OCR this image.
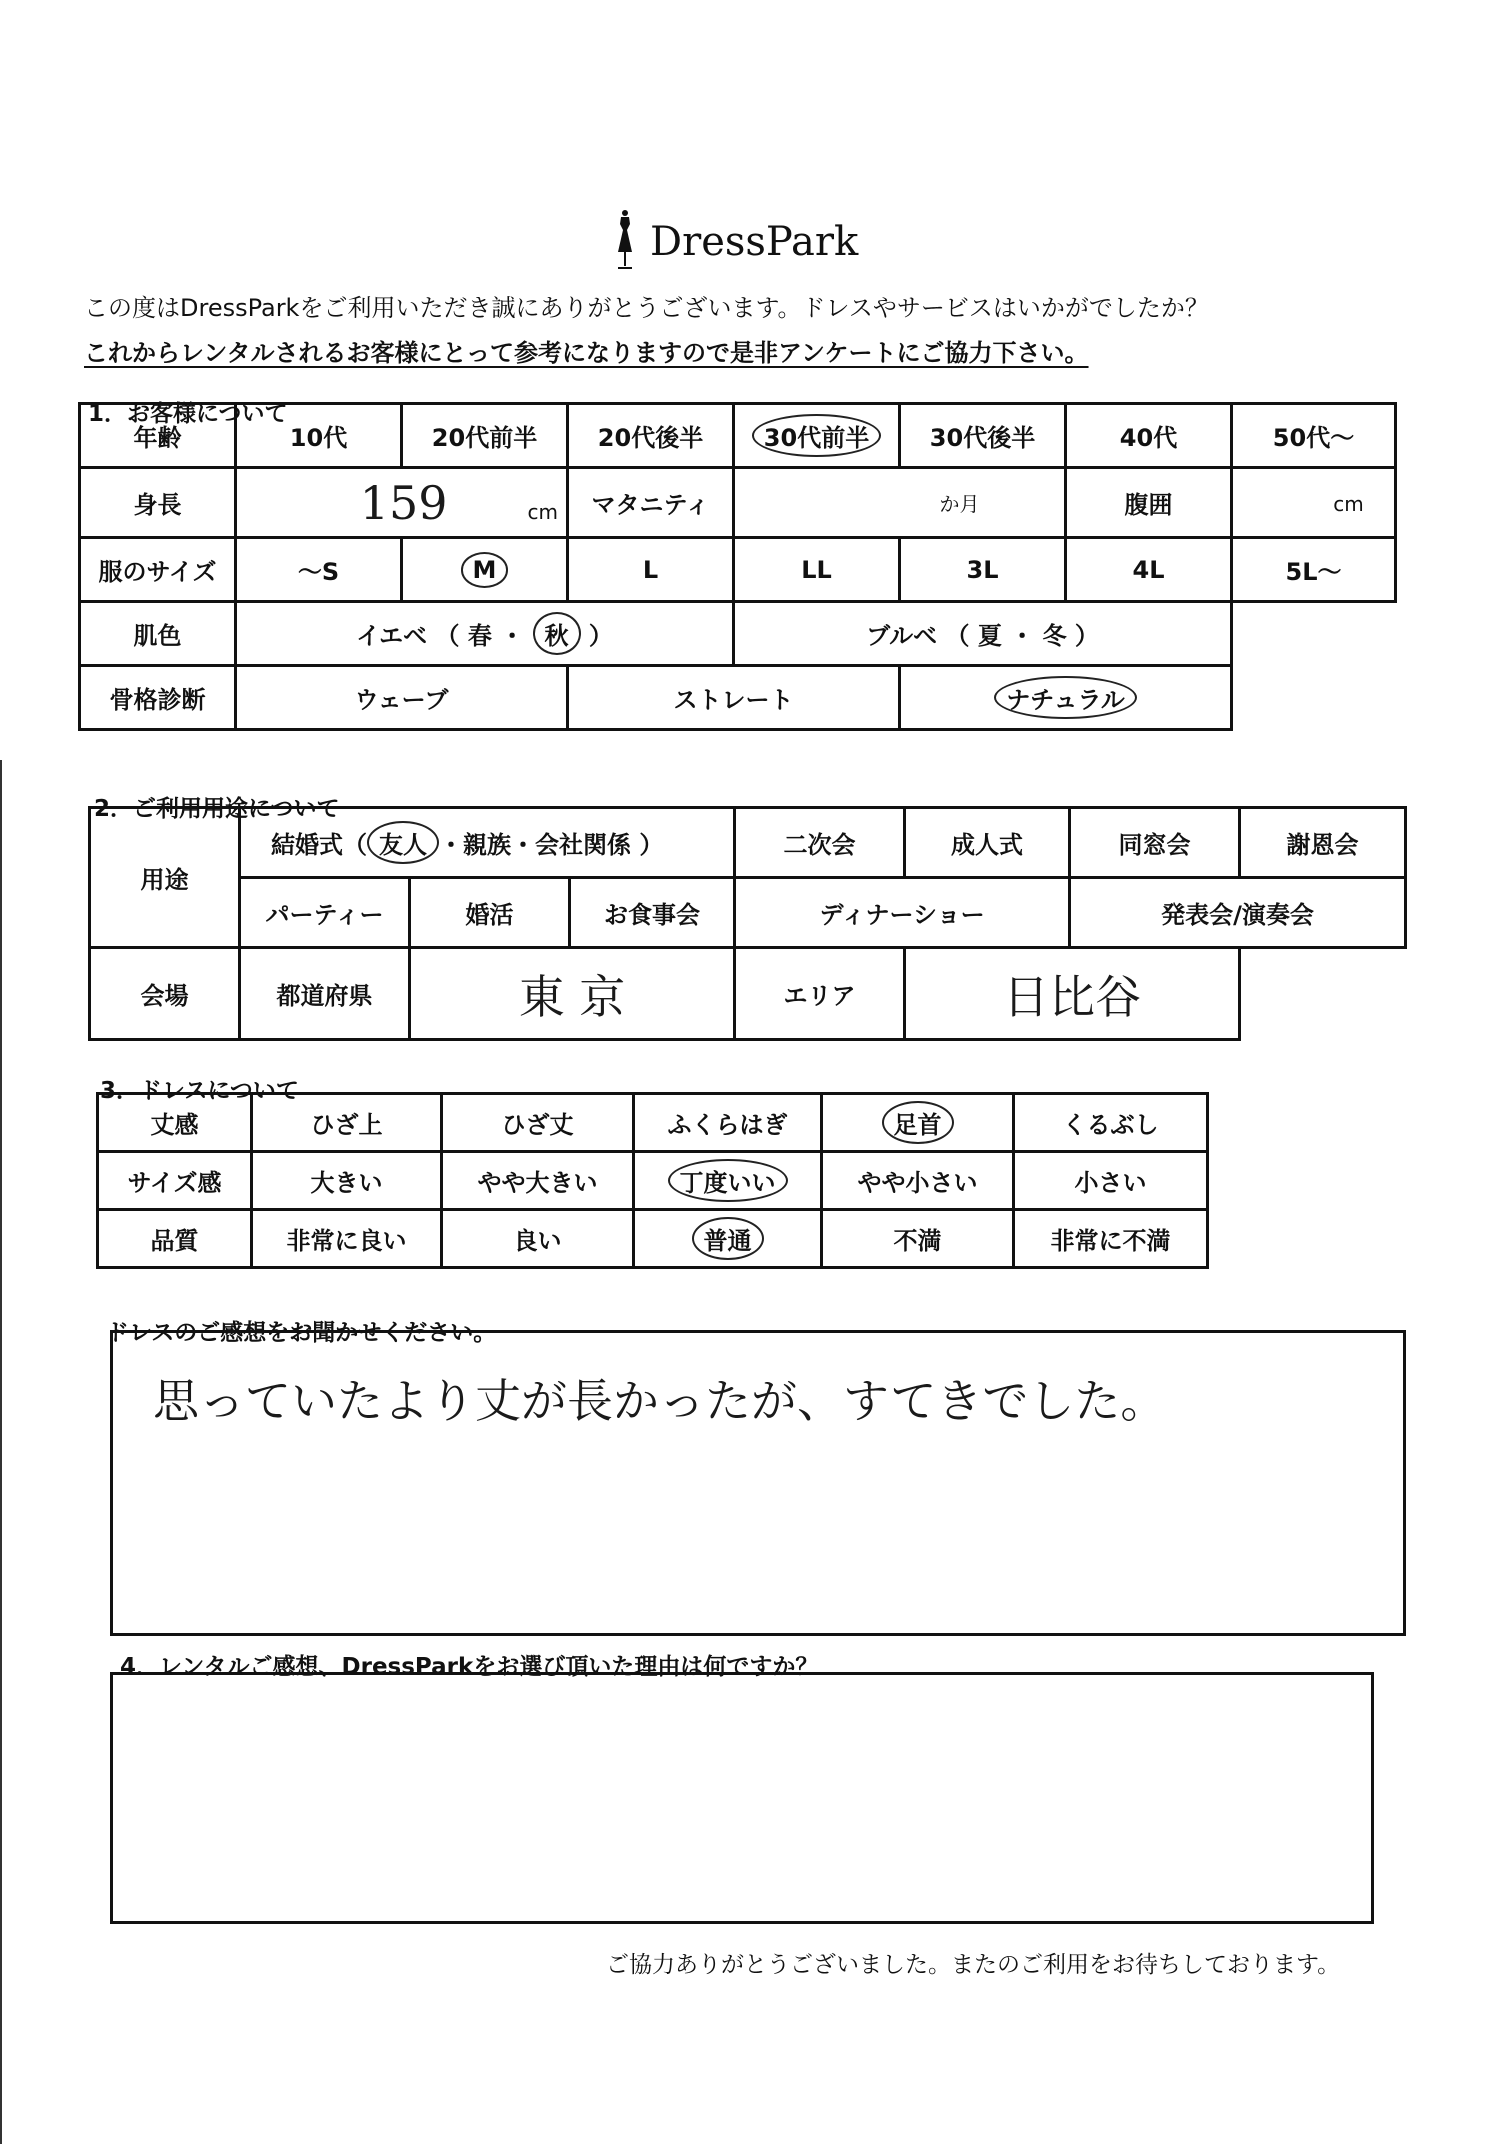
DressPark
この度はDressParkをご利用いただき誠にありがとうございます。ドレスやサービスはいかがでしたか？
これからレンタルされるお客様にとって参考になりますので是非アンケートにご協力下さい。
1．お客様について
年齢	10代	20代前半	20代後半	30代前半	30代後半	40代	50代～
身長	159 cm		マタニティ	か月		腹囲	cm
服のサイズ	～S	M	L	LL	3L	4L	5L～
肌色	イエベ （ 春 ・ 秋 ）			ブルベ （ 夏 ・ 冬 ）			
骨格診断	ウェーブ		ストレート		ナチュラル		
2．ご利用用途について
用途	結婚式（ 友人 ・親族・会社関係 ）			二次会	成人式	同窓会	謝恩会
	パーティー	婚活	お食事会	ディナーショー		発表会/演奏会	
会場	都道府県	東 京		エリア	日比谷		
3．ドレスについて
丈感	ひざ上	ひざ丈	ふくらはぎ	足首	くるぶし
サイズ感	大きい	やや大きい	丁度いい	やや小さい	小さい
品質	非常に良い	良い	普通	不満	非常に不満
ドレスのご感想をお聞かせください。
思っていたより丈が長かったが、すてきでした。
4．レンタルご感想、DressParkをお選び頂いた理由は何ですか？
ご協力ありがとうございました。またのご利用をお待ちしております。
